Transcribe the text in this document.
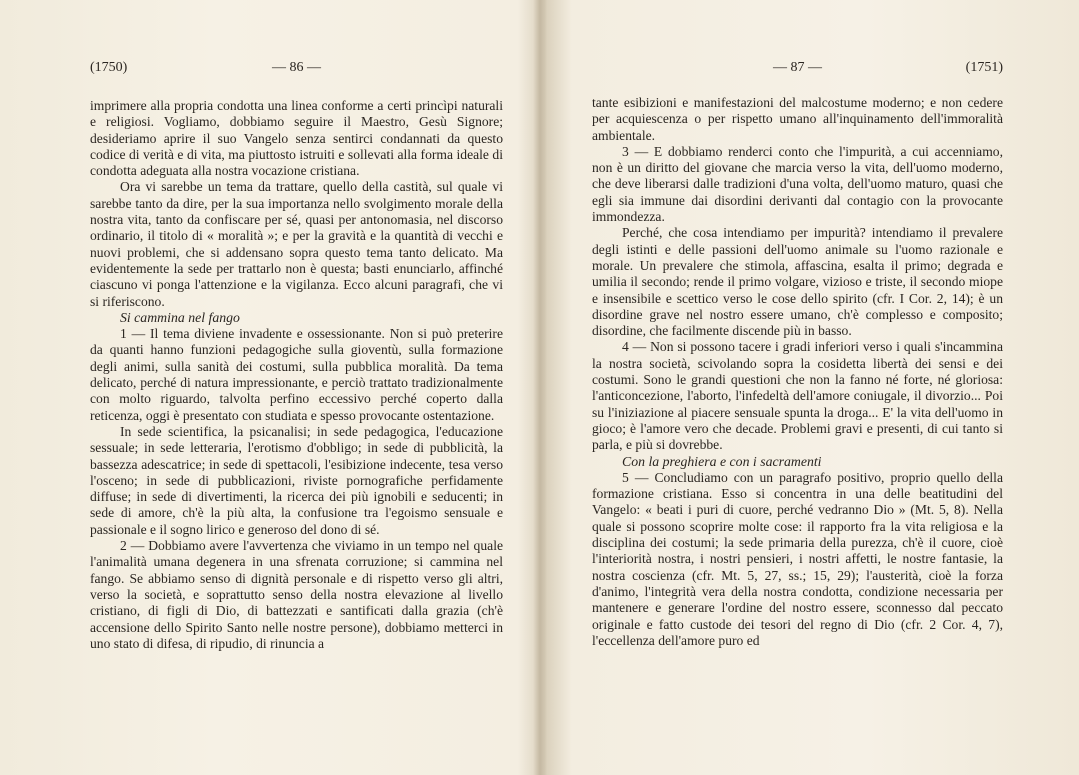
(1750)	— 86 —

imprimere alla propria condotta una linea conforme a certi princìpi naturali e religiosi. Vogliamo, dobbiamo seguire il Maestro, Gesù Signore; desideriamo aprire il suo Vangelo senza sentirci condannati da questo codice di verità e di vita, ma piuttosto istruiti e sollevati alla forma ideale di condotta adeguata alla nostra vocazione cristiana.

Ora vi sarebbe un tema da trattare, quello della castità, sul quale vi sarebbe tanto da dire, per la sua importanza nello svolgimento morale della nostra vita, tanto da confiscare per sé, quasi per antonomasia, nel discorso ordinario, il titolo di « moralità »; e per la gravità e la quantità di vecchi e nuovi problemi, che si addensano sopra questo tema tanto delicato. Ma evidentemente la sede per trattarlo non è questa; basti enunciarlo, affinché ciascuno vi ponga l'attenzione e la vigilanza. Ecco alcuni paragrafi, che vi si riferiscono.

Si cammina nel fango

1 — Il tema diviene invadente e ossessionante. Non si può preterire da quanti hanno funzioni pedagogiche sulla gioventù, sulla formazione degli animi, sulla sanità dei costumi, sulla pubblica moralità. Da tema delicato, perché di natura impressionante, e perciò trattato tradizionalmente con molto riguardo, talvolta perfino eccessivo perché coperto dalla reticenza, oggi è presentato con studiata e spesso provocante ostentazione.

In sede scientifica, la psicanalisi; in sede pedagogica, l'educazione sessuale; in sede letteraria, l'erotismo d'obbligo; in sede di pubblicità, la bassezza adescatrice; in sede di spettacoli, l'esibizione indecente, tesa verso l'osceno; in sede di pubblicazioni, riviste pornografiche perfidamente diffuse; in sede di divertimenti, la ricerca dei più ignobili e seducenti; in sede di amore, ch'è la più alta, la confusione tra l'egoismo sensuale e passionale e il sogno lirico e generoso del dono di sé.

2 — Dobbiamo avere l'avvertenza che viviamo in un tempo nel quale l'animalità umana degenera in una sfrenata corruzione; si cammina nel fango. Se abbiamo senso di dignità personale e di rispetto verso gli altri, verso la società, e soprattutto senso della nostra elevazione al livello cristiano, di figli di Dio, di battezzati e santificati dalla grazia (ch'è accensione dello Spirito Santo nelle nostre persone), dobbiamo metterci in uno stato di difesa, di ripudio, di rinuncia a

— 87 —	(1751)

tante esibizioni e manifestazioni del malcostume moderno; e non cedere per acquiescenza o per rispetto umano all'inquinamento dell'immoralità ambientale.

3 — E dobbiamo renderci conto che l'impurità, a cui accenniamo, non è un diritto del giovane che marcia verso la vita, dell'uomo moderno, che deve liberarsi dalle tradizioni d'una volta, dell'uomo maturo, quasi che egli sia immune dai disordini derivanti dal contagio con la provocante immondezza.

Perché, che cosa intendiamo per impurità? intendiamo il prevalere degli istinti e delle passioni dell'uomo animale su l'uomo razionale e morale. Un prevalere che stimola, affascina, esalta il primo; degrada e umilia il secondo; rende il primo volgare, vizioso e triste, il secondo miope e insensibile e scettico verso le cose dello spirito (cfr. I Cor. 2, 14); è un disordine grave nel nostro essere umano, ch'è complesso e composito; disordine, che facilmente discende più in basso.

4 — Non si possono tacere i gradi inferiori verso i quali s'incammina la nostra società, scivolando sopra la cosidetta libertà dei sensi e dei costumi. Sono le grandi questioni che non la fanno né forte, né gloriosa: l'anticoncezione, l'aborto, l'infedeltà dell'amore coniugale, il divorzio... Poi su l'iniziazione al piacere sensuale spunta la droga... E' la vita dell'uomo in gioco; è l'amore vero che decade. Problemi gravi e presenti, di cui tanto si parla, e più si dovrebbe.

Con la preghiera e con i sacramenti

5 — Concludiamo con un paragrafo positivo, proprio quello della formazione cristiana. Esso si concentra in una delle beatitudini del Vangelo: « beati i puri di cuore, perché vedranno Dio » (Mt. 5, 8). Nella quale si possono scoprire molte cose: il rapporto fra la vita religiosa e la disciplina dei costumi; la sede primaria della purezza, ch'è il cuore, cioè l'interiorità nostra, i nostri pensieri, i nostri affetti, le nostre fantasie, la nostra coscienza (cfr. Mt. 5, 27, ss.; 15, 29); l'austerità, cioè la forza d'animo, l'integrità vera della nostra condotta, condizione necessaria per mantenere e generare l'ordine del nostro essere, sconnesso dal peccato originale e fatto custode dei tesori del regno di Dio (cfr. 2 Cor. 4, 7), l'eccellenza dell'amore puro ed
